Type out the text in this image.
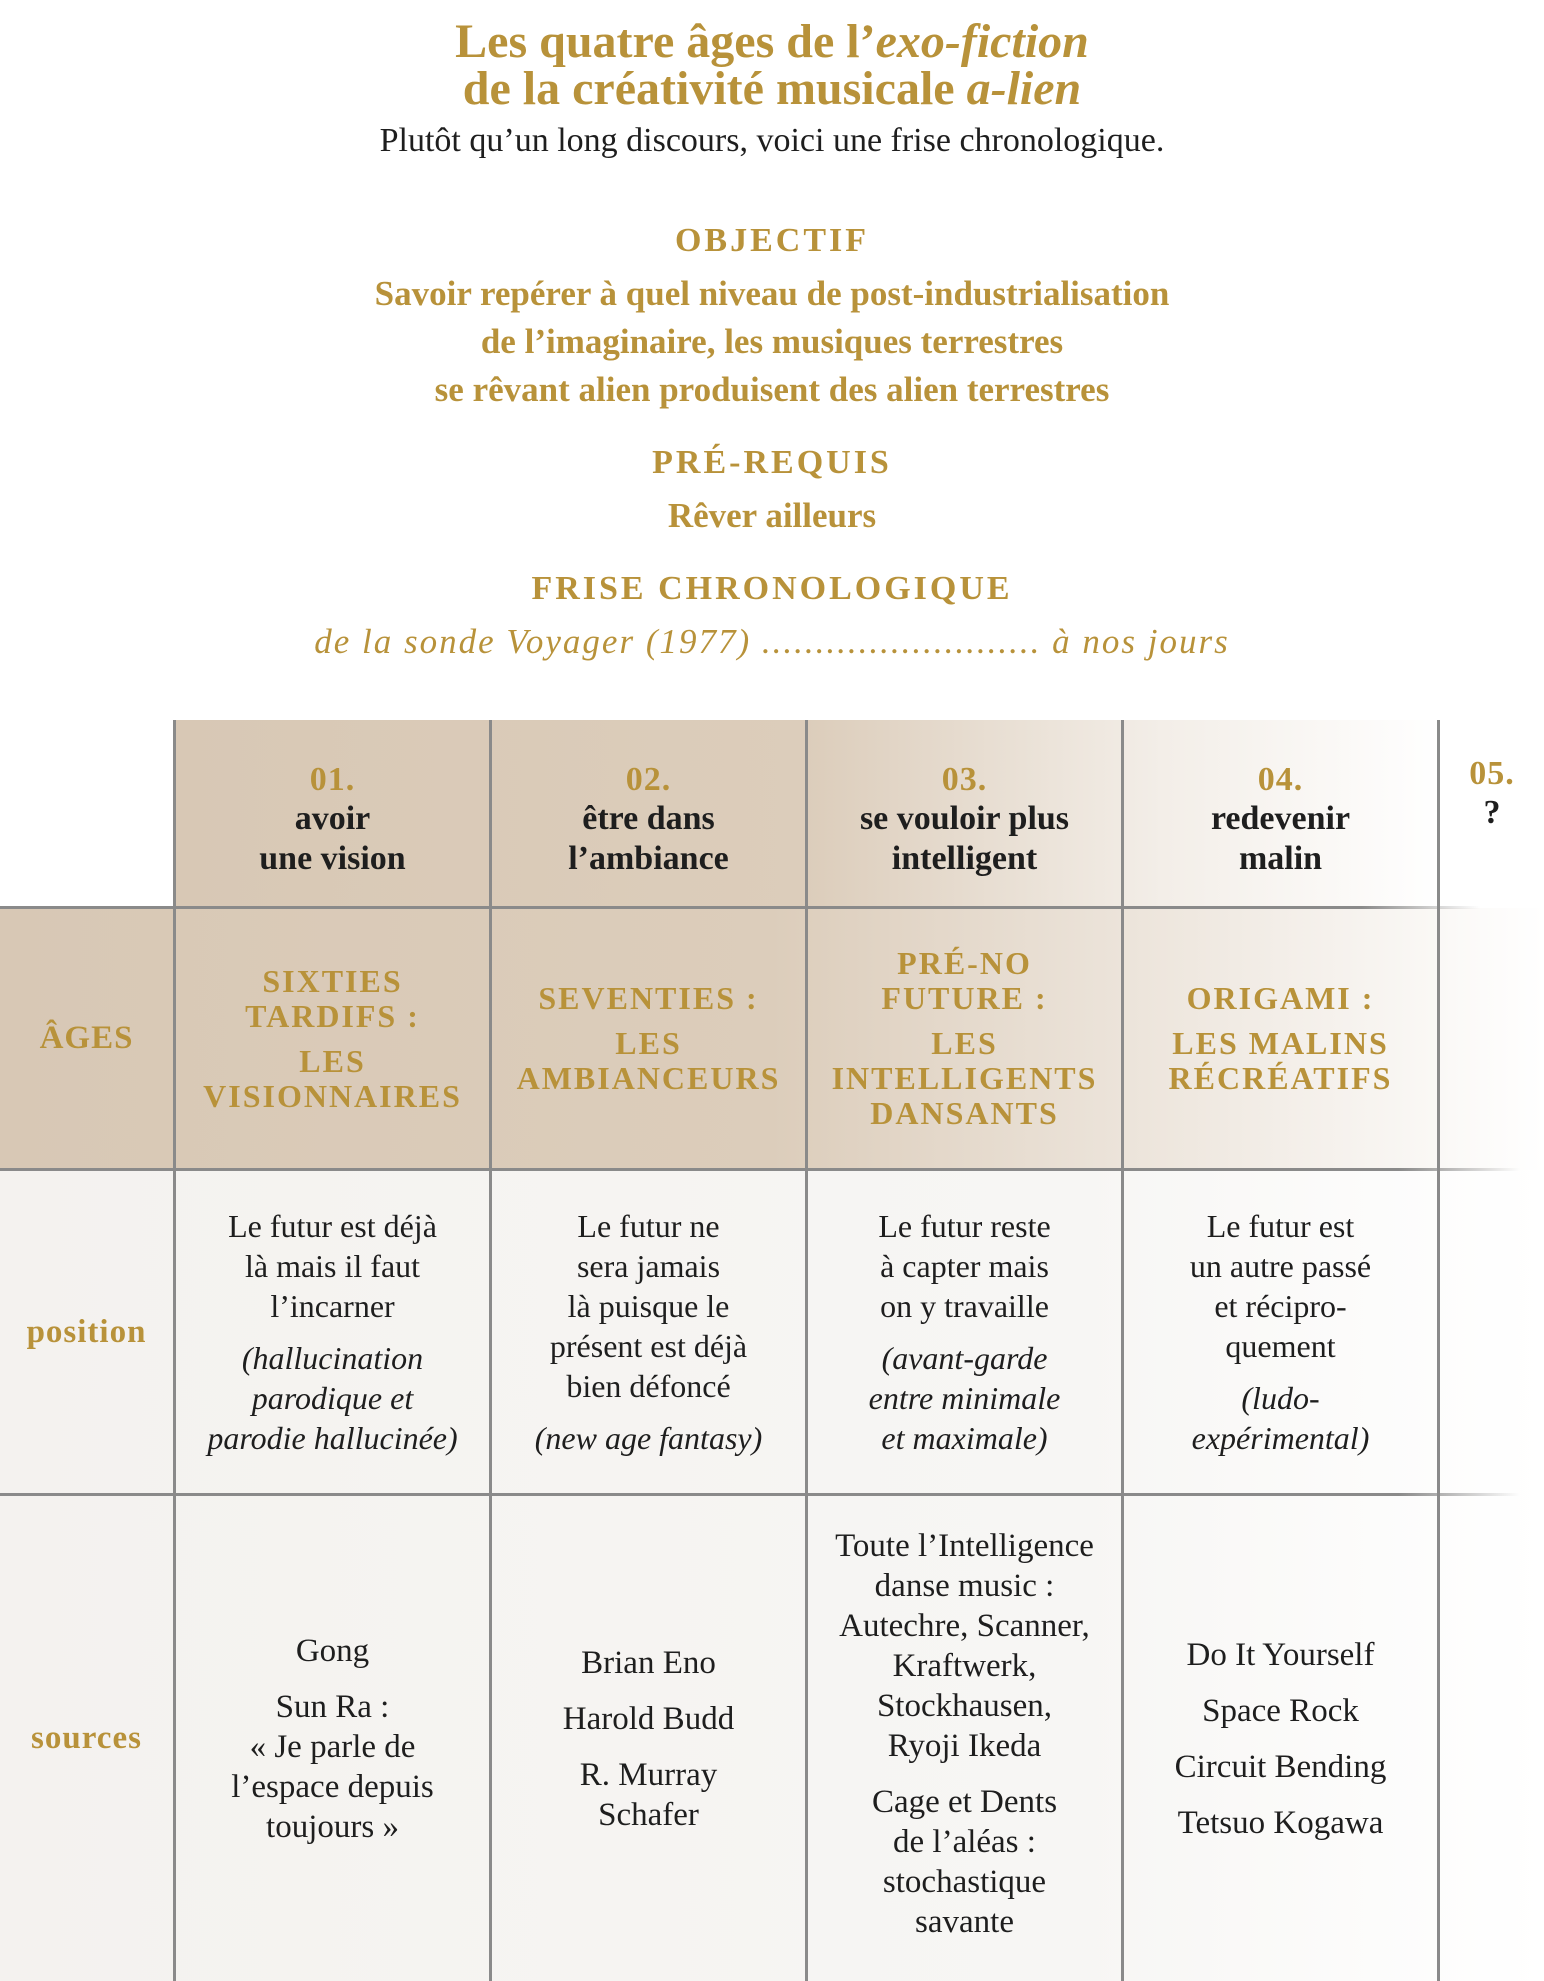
Les quatre âges de l’exo-fiction
de la créativité musicale a-lien
Plutôt qu’un long discours, voici une frise chronologique.
OBJECTIF
Savoir repérer à quel niveau de post-industrialisation
de l’imaginaire, les musiques terrestres
se rêvant alien produisent des alien terrestres
PRÉ-REQUIS
Rêver ailleurs
FRISE CHRONOLOGIQUE
de la sonde Voyager (1977) .......................... à nos jours
01.
avoir
une vision
02.
être dans
l’ambiance
03.
se vouloir plus
intelligent
04.
redevenir
malin
05.
?
ÂGES
SIXTIES
TARDIFS :
LES
VISIONNAIRES
SEVENTIES :
LES
AMBIANCEURS
PRÉ-NO
FUTURE :
LES
INTELLIGENTS
DANSANTS
ORIGAMI :
LES MALINS
RÉCRÉATIFS
position
Le futur est déjà
là mais il faut
l’incarner
(hallucination
parodique et
parodie hallucinée)
Le futur ne
sera jamais
là puisque le
présent est déjà
bien défoncé
(new age fantasy)
Le futur reste
à capter mais
on y travaille
(avant-garde
entre minimale
et maximale)
Le futur est
un autre passé
et récipro-
quement
(ludo-
expérimental)
sources
Gong
Sun Ra :
« Je parle de
l’espace depuis
toujours »
Brian Eno
Harold Budd
R. Murray
Schafer
Toute l’Intelligence
danse music :
Autechre, Scanner,
Kraftwerk,
Stockhausen,
Ryoji Ikeda
Cage et Dents
de l’aléas :
stochastique
savante
Do It Yourself
Space Rock
Circuit Bending
Tetsuo Kogawa
